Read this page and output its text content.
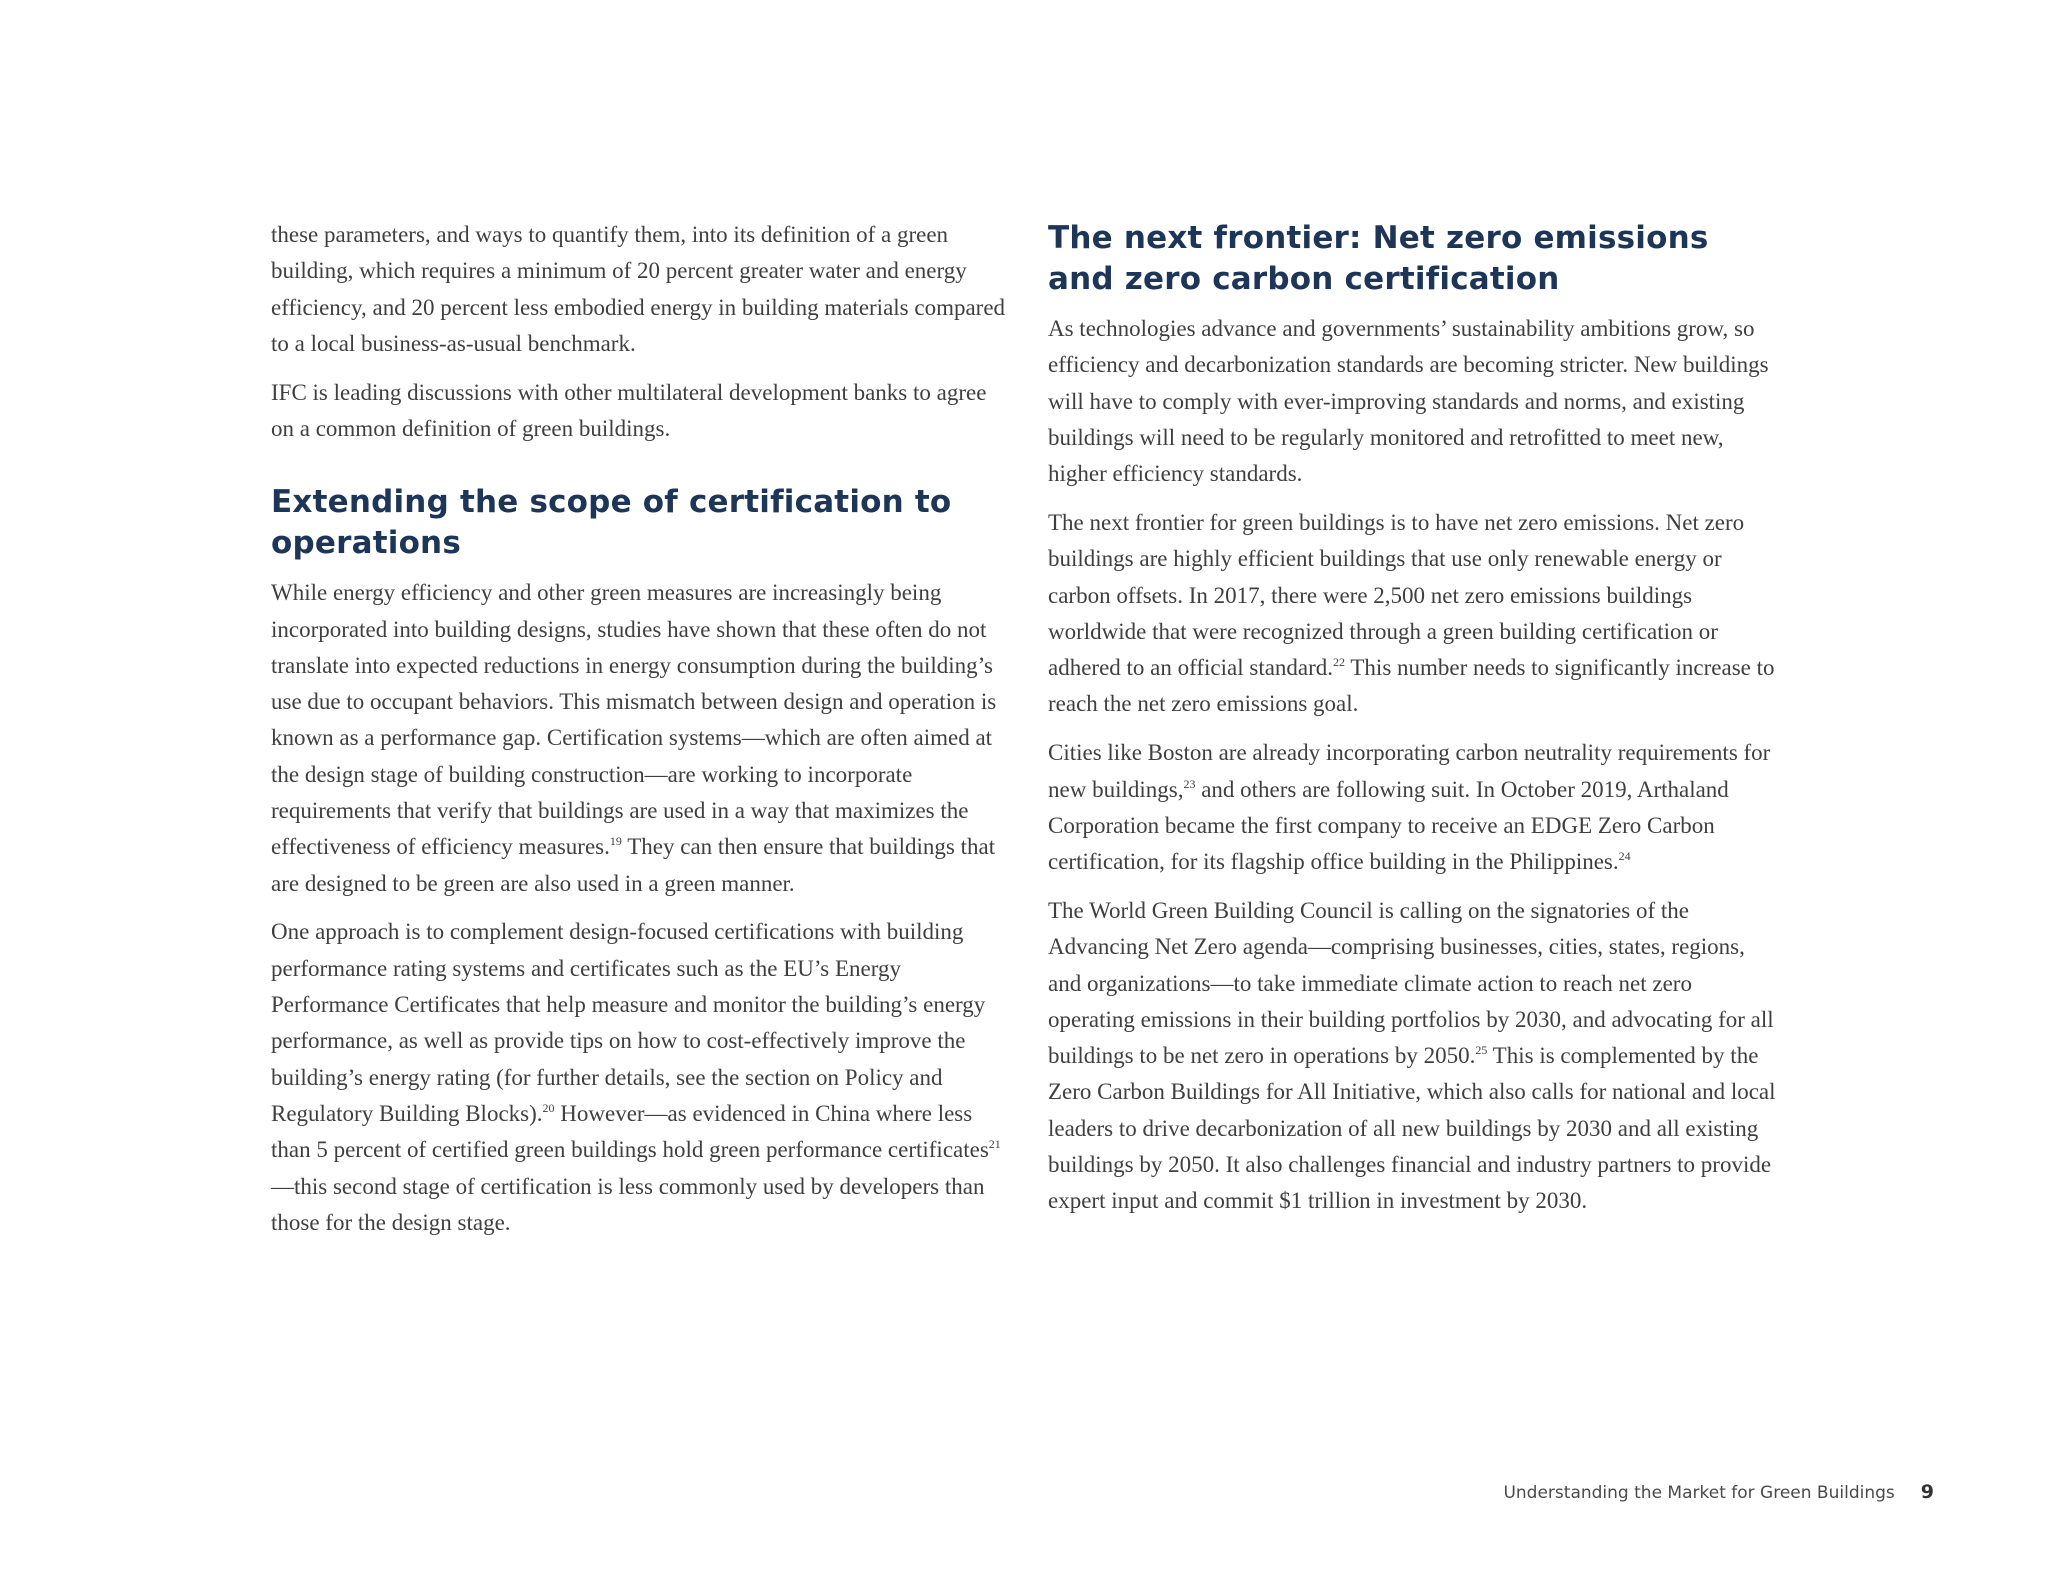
these parameters, and ways to quantify them, into its definition of a green building, which requires a minimum of 20 percent greater water and energy efficiency, and 20 percent less embodied energy in building materials compared to a local business-as-usual benchmark.

IFC is leading discussions with other multilateral development banks to agree on a common definition of green buildings.

Extending the scope of certification to operations

While energy efficiency and other green measures are increasingly being incorporated into building designs, studies have shown that these often do not translate into expected reductions in energy consumption during the building’s use due to occupant behaviors. This mismatch between design and operation is known as a performance gap. Certification systems—which are often aimed at the design stage of building construction—are working to incorporate requirements that verify that buildings are used in a way that maximizes the effectiveness of efficiency measures.$^{19}$ They can then ensure that buildings that are designed to be green are also used in a green manner.

One approach is to complement design-focused certifications with building performance rating systems and certificates such as the EU’s Energy Performance Certificates that help measure and monitor the building’s energy performance, as well as provide tips on how to cost-effectively improve the building’s energy rating (for further details, see the section on Policy and Regulatory Building Blocks).$^{20}$ However—as evidenced in China where less than 5 percent of certified green buildings hold green performance certificates$^{21}$—this second stage of certification is less commonly used by developers than those for the design stage.

The next frontier: Net zero emissions and zero carbon certification

As technologies advance and governments’ sustainability ambitions grow, so efficiency and decarbonization standards are becoming stricter. New buildings will have to comply with ever-improving standards and norms, and existing buildings will need to be regularly monitored and retrofitted to meet new, higher efficiency standards.

The next frontier for green buildings is to have net zero emissions. Net zero buildings are highly efficient buildings that use only renewable energy or carbon offsets. In 2017, there were 2,500 net zero emissions buildings worldwide that were recognized through a green building certification or adhered to an official standard.$^{22}$ This number needs to significantly increase to reach the net zero emissions goal.

Cities like Boston are already incorporating carbon neutrality requirements for new buildings,$^{23}$ and others are following suit. In October 2019, Arthaland Corporation became the first company to receive an EDGE Zero Carbon certification, for its flagship office building in the Philippines.$^{24}$

The World Green Building Council is calling on the signatories of the Advancing Net Zero agenda—comprising businesses, cities, states, regions, and organizations—to take immediate climate action to reach net zero operating emissions in their building portfolios by 2030, and advocating for all buildings to be net zero in operations by 2050.25 This is complemented by the Zero Carbon Buildings for All Initiative, which also calls for national and local leaders to drive decarbonization of all new buildings by 2030 and all existing buildings by 2050. It also challenges financial and industry partners to provide expert input and commit $1 trillion in investment by 2030.

Understanding the Market for Green Buildings 9
